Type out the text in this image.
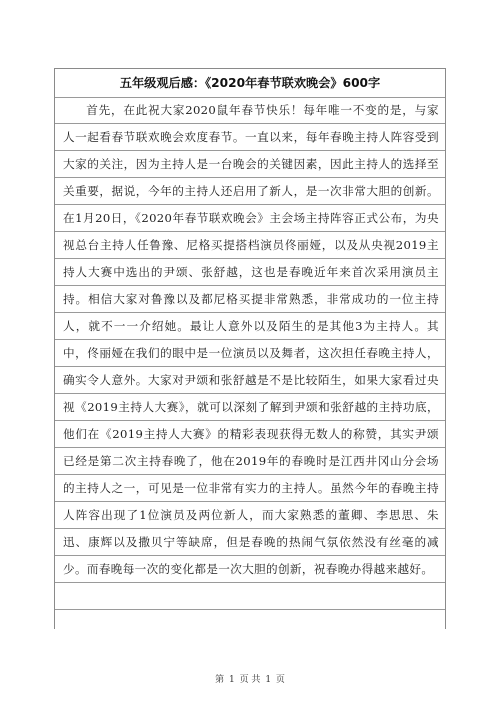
五年级观后感：《2020年春节联欢晚会》600字

首先，在此祝大家2020鼠年春节快乐！每年唯一不变的是，与家人一起看春节联欢晚会欢度春节。一直以来，每年春晚主持人阵容受到大家的关注，因为主持人是一台晚会的关键因素，因此主持人的选择至关重要，据说，今年的主持人还启用了新人，是一次非常大胆的创新。在1月20日，《2020年春节联欢晚会》主会场主持阵容正式公布，为央视总台主持人任鲁豫、尼格买提搭档演员佟丽娅，以及从央视2019主持人大赛中选出的尹颂、张舒越，这也是春晚近年来首次采用演员主持。相信大家对鲁豫以及都尼格买提非常熟悉，非常成功的一位主持人，就不一一介绍她。最让人意外以及陌生的是其他3为主持人。其中，佟丽娅在我们的眼中是一位演员以及舞者，这次担任春晚主持人，确实令人意外。大家对尹颂和张舒越是不是比较陌生，如果大家看过央视《2019主持人大赛》，就可以深刻了解到尹颂和张舒越的主持功底，他们在《2019主持人大赛》的精彩表现获得无数人的称赞，其实尹颂已经是第二次主持春晚了，他在2019年的春晚时是江西井冈山分会场的主持人之一，可见是一位非常有实力的主持人。虽然今年的春晚主持人阵容出现了1位演员及两位新人，而大家熟悉的董卿、李思思、朱迅、康辉以及撒贝宁等缺席，但是春晚的热闹气氛依然没有丝毫的减少。而春晚每一次的变化都是一次大胆的创新，祝春晚办得越来越好。

第 1 页 共 1 页
